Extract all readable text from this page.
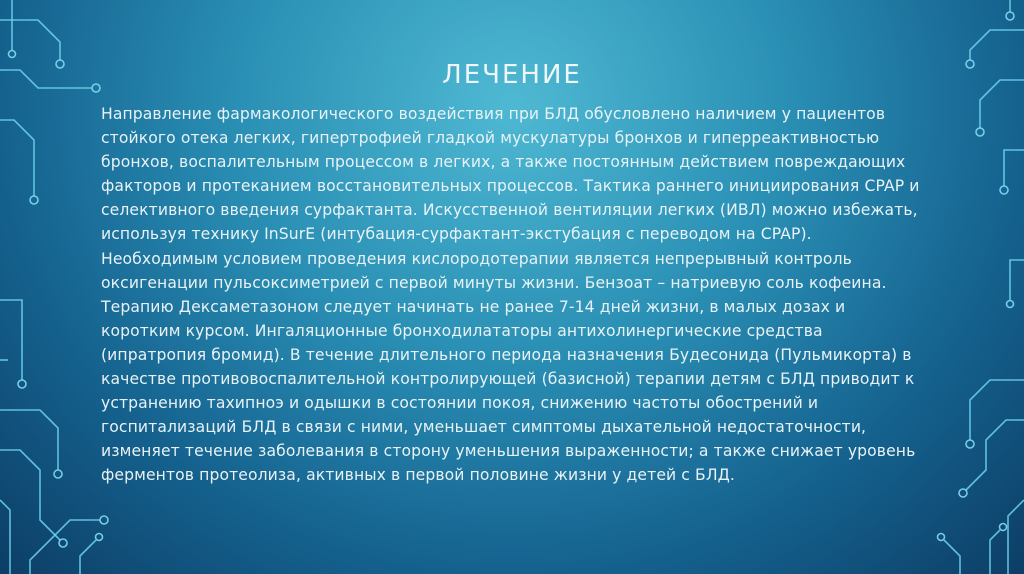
ЛЕЧЕНИЕ
Направление фармакологического воздействия при БЛД обусловлено наличием у пациентов стойкого отека легких, гипертрофией гладкой мускулатуры бронхов и гиперреактивностью бронхов, воспалительным процессом в легких, а также постоянным действием повреждающих факторов и протеканием восстановительных процессов. Тактика раннего инициирования CPAP и селективного введения сурфактанта. Искусственной вентиляции легких (ИВЛ) можно избежать, используя технику InSurE (интубация-сурфактант-экстубация с переводом на CPAP). Необходимым условием проведения кислородотерапии является непрерывный контроль оксигенации пульсоксиметрией с первой минуты жизни. Бензоат – натриевую соль кофеина. Терапию Дексаметазоном следует начинать не ранее 7-14 дней жизни, в малых дозах и коротким курсом. Ингаляционные бронходилататоры антихолинергические средства (ипратропия бромид). В течение длительного периода назначения Будесонида (Пульмикорта) в качестве противовоспалительной контролирующей (базисной) терапии детям с БЛД приводит к устранению тахипноэ и одышки в состоянии покоя, снижению частоты обострений и госпитализаций БЛД в связи с ними, уменьшает симптомы дыхательной недостаточности, изменяет течение заболевания в сторону уменьшения выраженности; а также снижает уровень ферментов протеолиза, активных в первой половине жизни у детей с БЛД.
